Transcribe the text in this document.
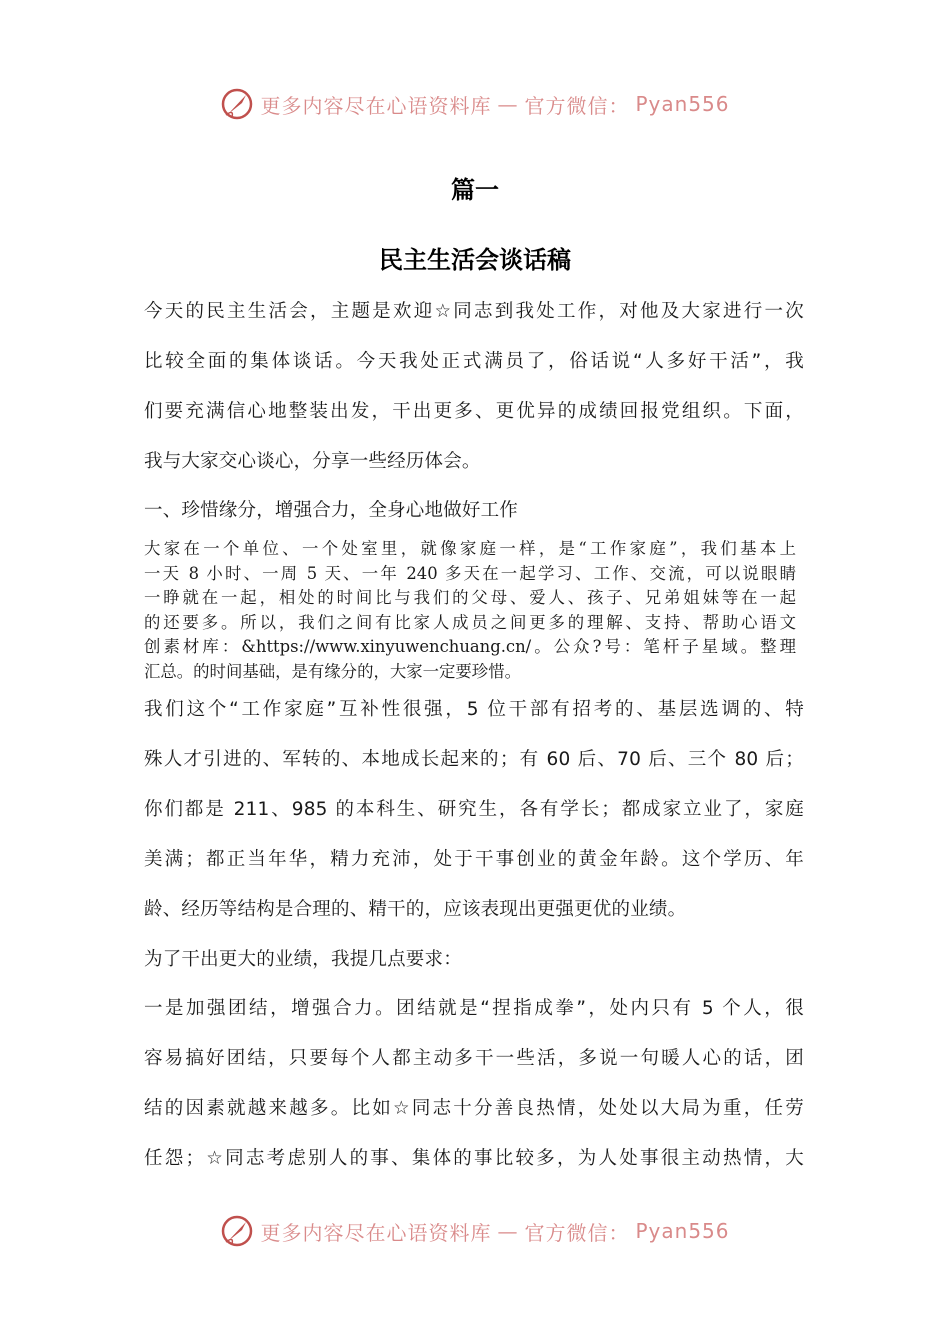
更多内容尽在心语资料库 — 官方微信： Pyan556
篇一
民主生活会谈话稿
今天的民主生活会，主题是欢迎☆同志到我处工作，对他及大家进行一次
比较全面的集体谈话。今天我处正式满员了，俗话说“人多好干活”，我
们要充满信心地整装出发，干出更多、更优异的成绩回报党组织。下面，
我与大家交心谈心，分享一些经历体会。
一、珍惜缘分，增强合力，全身心地做好工作
大家在一个单位、一个处室里，就像家庭一样，是“工作家庭”，我们基本上
一天 8 小时、一周 5 天、一年 240 多天在一起学习、工作、交流，可以说眼睛
一睁就在一起，相处的时间比与我们的父母、爱人、孩子、兄弟姐妹等在一起
的还要多。所以，我们之间有比家人成员之间更多的理解、支持、帮助心语文
创素材库：&https://www.xinyuwenchuang.cn/。公众?号：笔杆子星域。整理
汇总。的时间基础，是有缘分的，大家一定要珍惜。
我们这个“工作家庭”互补性很强，5 位干部有招考的、基层选调的、特
殊人才引进的、军转的、本地成长起来的；有 60 后、70 后、三个 80 后；
你们都是 211、985 的本科生、研究生，各有学长；都成家立业了，家庭
美满；都正当年华，精力充沛，处于干事创业的黄金年龄。这个学历、年
龄、经历等结构是合理的、精干的，应该表现出更强更优的业绩。
为了干出更大的业绩，我提几点要求：
一是加强团结，增强合力。团结就是“捏指成拳”，处内只有 5 个人，很
容易搞好团结，只要每个人都主动多干一些活，多说一句暖人心的话，团
结的因素就越来越多。比如☆同志十分善良热情，处处以大局为重，任劳
任怨；☆同志考虑别人的事、集体的事比较多，为人处事很主动热情，大
更多内容尽在心语资料库 — 官方微信： Pyan556
